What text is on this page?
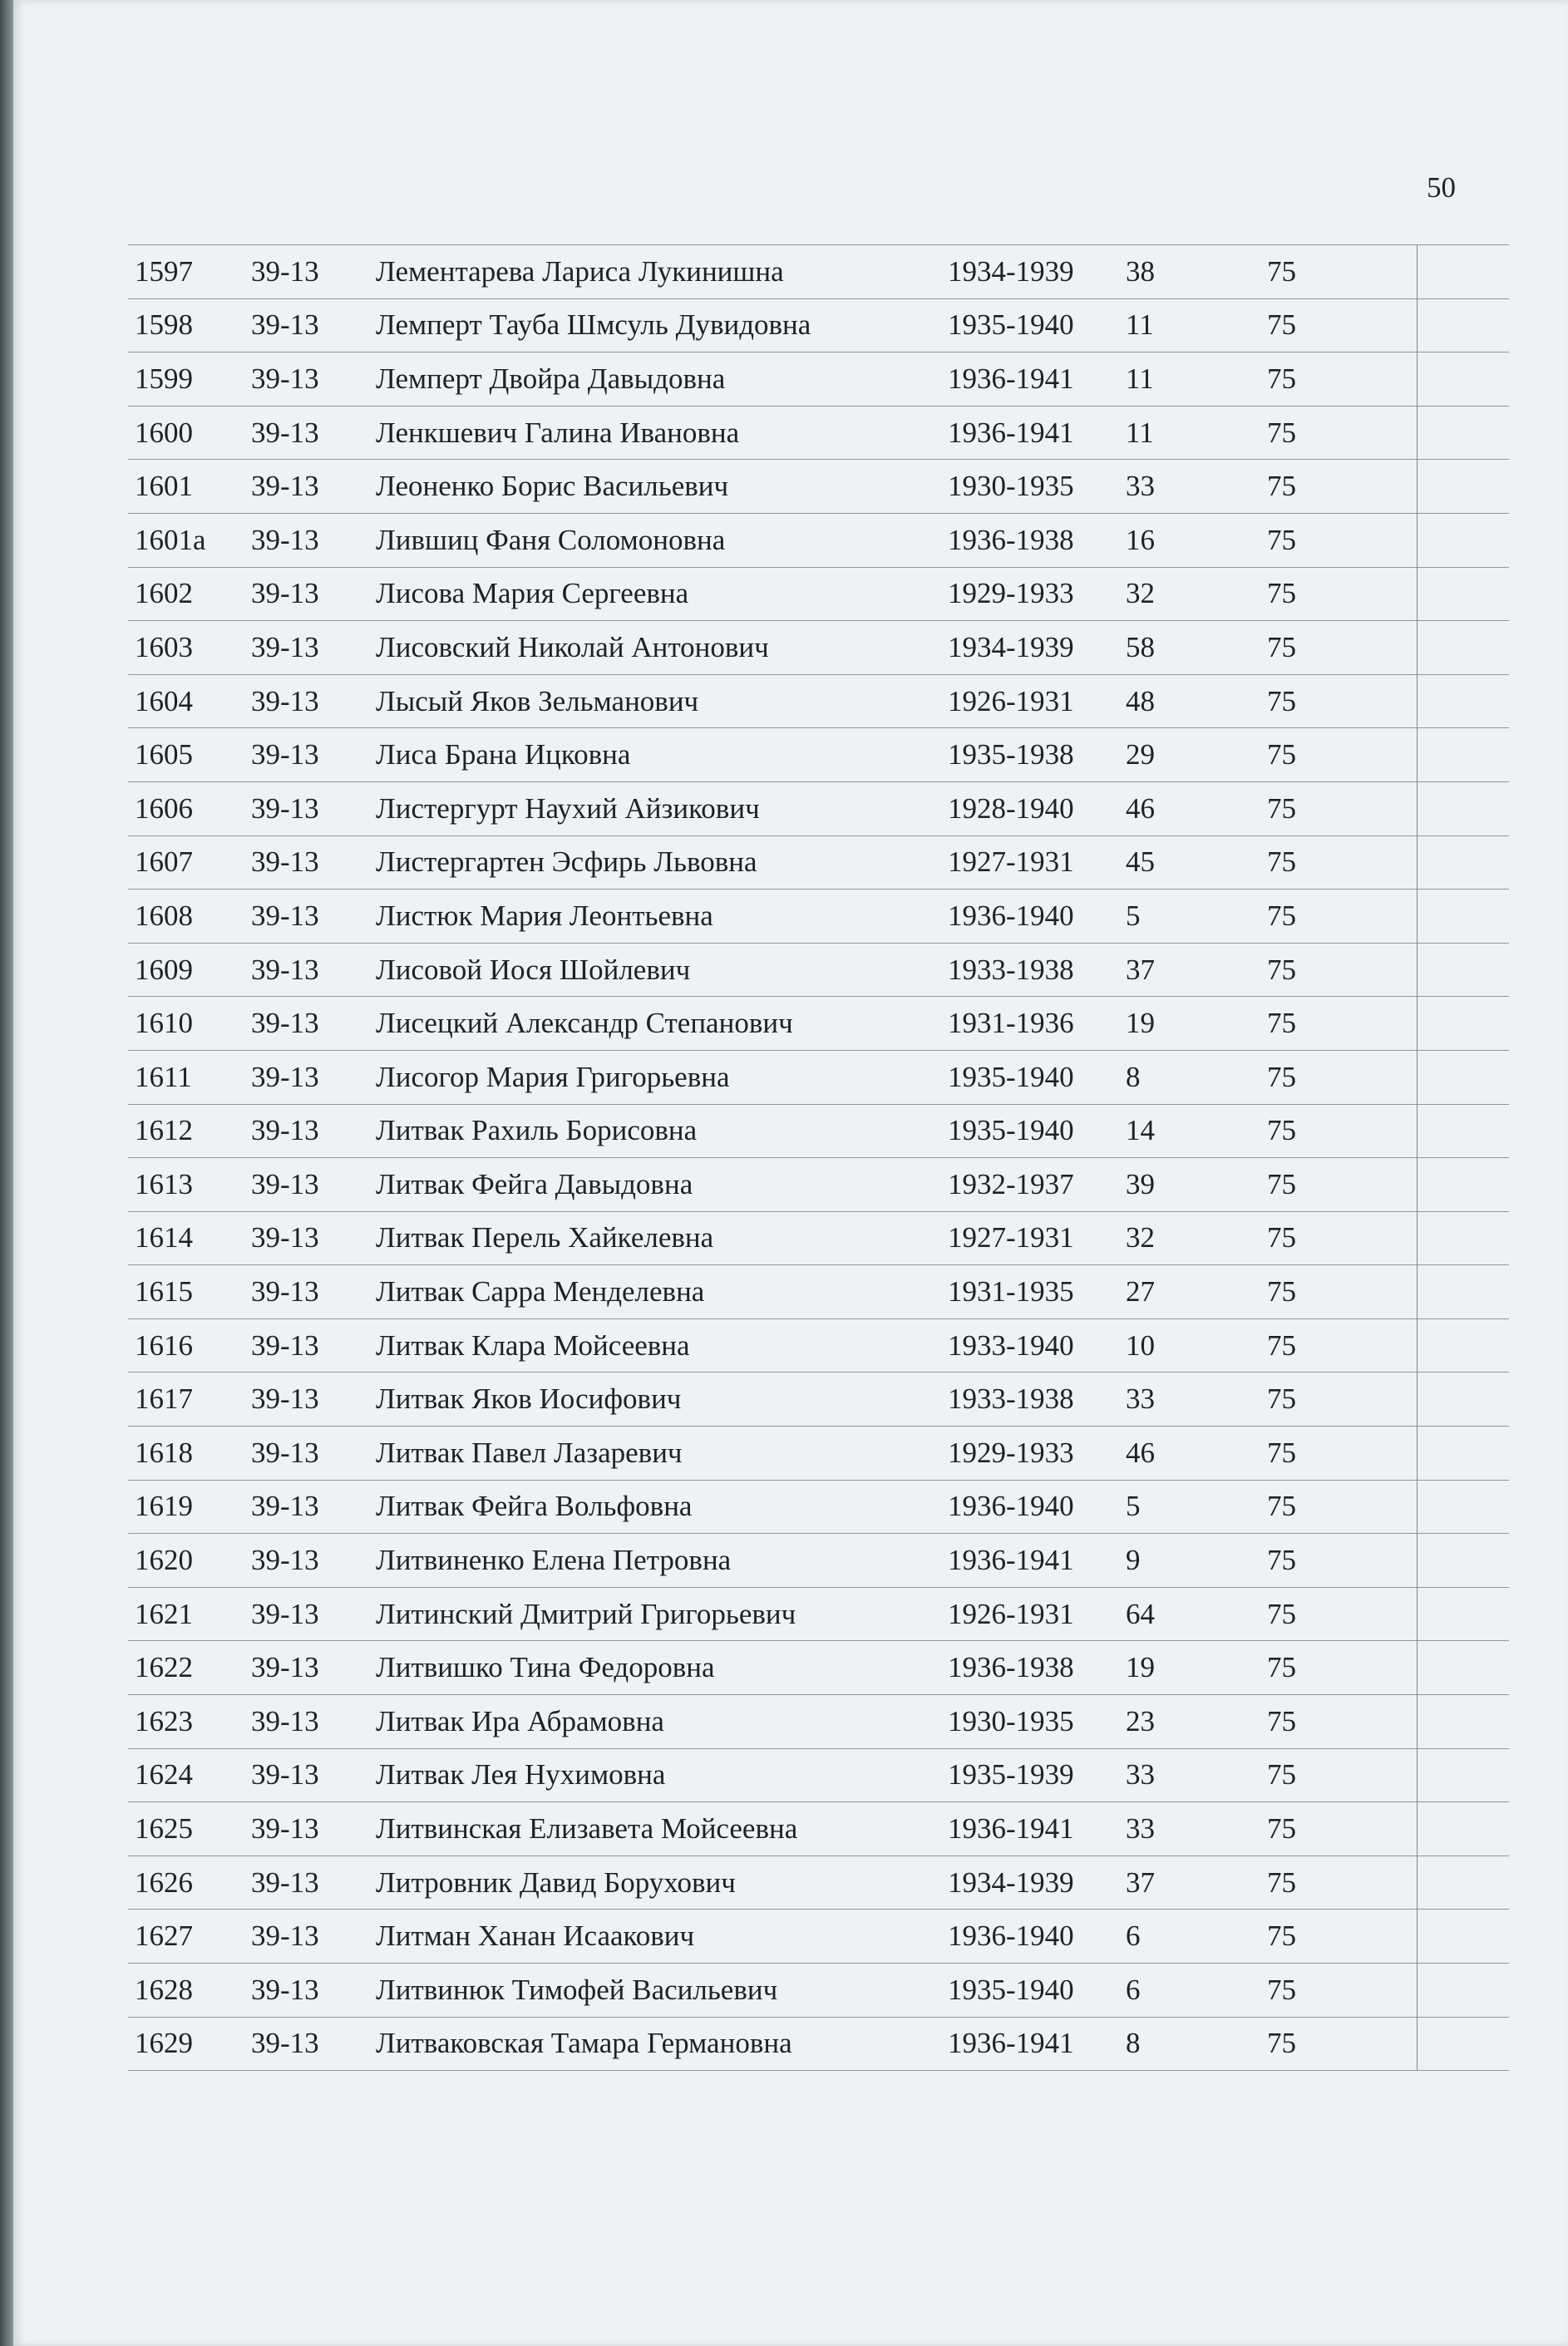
50
1597	39-13	Лементарева Лариса Лукинишна	1934-1939	38	75	
1598	39-13	Лемперт Тауба Шмсуль Дувидовна	1935-1940	11	75	
1599	39-13	Лемперт Двойра Давыдовна	1936-1941	11	75	
1600	39-13	Ленкшевич Галина Ивановна	1936-1941	11	75	
1601	39-13	Леоненко Борис Васильевич	1930-1935	33	75	
1601а	39-13	Лившиц Фаня Соломоновна	1936-1938	16	75	
1602	39-13	Лисова Мария Сергеевна	1929-1933	32	75	
1603	39-13	Лисовский Николай Антонович	1934-1939	58	75	
1604	39-13	Лысый Яков Зельманович	1926-1931	48	75	
1605	39-13	Лиса Брана Ицковна	1935-1938	29	75	
1606	39-13	Листергурт Наухий Айзикович	1928-1940	46	75	
1607	39-13	Листергартен Эсфирь Львовна	1927-1931	45	75	
1608	39-13	Листюк Мария Леонтьевна	1936-1940	5	75	
1609	39-13	Лисовой Иося Шойлевич	1933-1938	37	75	
1610	39-13	Лисецкий Александр Степанович	1931-1936	19	75	
1611	39-13	Лисогор Мария Григорьевна	1935-1940	8	75	
1612	39-13	Литвак Рахиль Борисовна	1935-1940	14	75	
1613	39-13	Литвак Фейга Давыдовна	1932-1937	39	75	
1614	39-13	Литвак Перель Хайкелевна	1927-1931	32	75	
1615	39-13	Литвак Сарра Менделевна	1931-1935	27	75	
1616	39-13	Литвак Клара Мойсеевна	1933-1940	10	75	
1617	39-13	Литвак Яков Иосифович	1933-1938	33	75	
1618	39-13	Литвак Павел Лазаревич	1929-1933	46	75	
1619	39-13	Литвак Фейга Вольфовна	1936-1940	5	75	
1620	39-13	Литвиненко Елена Петровна	1936-1941	9	75	
1621	39-13	Литинский Дмитрий Григорьевич	1926-1931	64	75	
1622	39-13	Литвишко Тина Федоровна	1936-1938	19	75	
1623	39-13	Литвак Ира Абрамовна	1930-1935	23	75	
1624	39-13	Литвак Лея Нухимовна	1935-1939	33	75	
1625	39-13	Литвинская Елизавета Мойсеевна	1936-1941	33	75	
1626	39-13	Литровник Давид Борухович	1934-1939	37	75	
1627	39-13	Литман Ханан Исаакович	1936-1940	6	75	
1628	39-13	Литвинюк Тимофей Васильевич	1935-1940	6	75	
1629	39-13	Литваковская Тамара Германовна	1936-1941	8	75	
